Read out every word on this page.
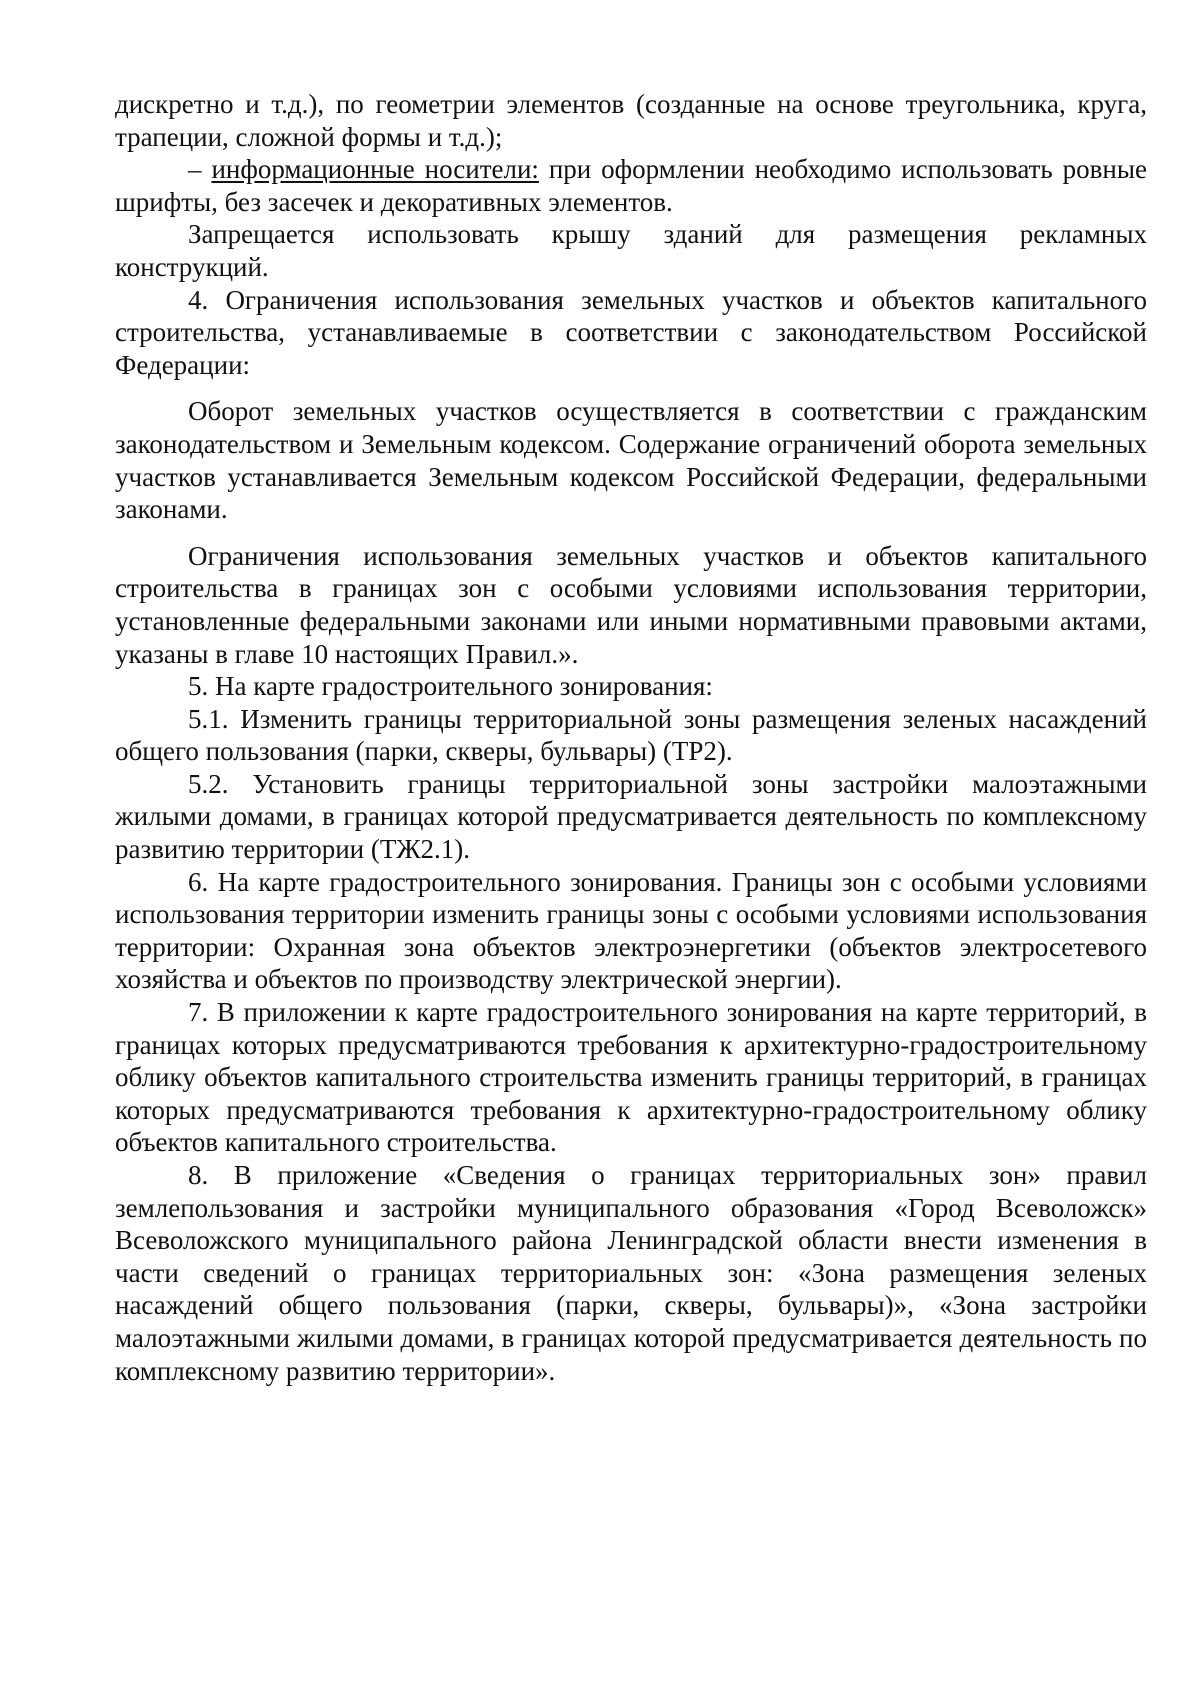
дискретно и т.д.), по геометрии элементов (созданные на основе треугольника, круга, трапеции, сложной формы и т.д.);

– информационные носители: при оформлении необходимо использовать ровные шрифты, без засечек и декоративных элементов.

Запрещается использовать крышу зданий для размещения рекламных конструкций.

4. Ограничения использования земельных участков и объектов капитального строительства, устанавливаемые в соответствии с законодательством Российской Федерации:

Оборот земельных участков осуществляется в соответствии с гражданским законодательством и Земельным кодексом. Содержание ограничений оборота земельных участков устанавливается Земельным кодексом Российской Федерации, федеральными законами.

Ограничения использования земельных участков и объектов капитального строительства в границах зон с особыми условиями использования территории, установленные федеральными законами или иными нормативными правовыми актами, указаны в главе 10 настоящих Правил.».

5. На карте градостроительного зонирования:

5.1. Изменить границы территориальной зоны размещения зеленых насаждений общего пользования (парки, скверы, бульвары) (ТР2).

5.2. Установить границы территориальной зоны застройки малоэтажными жилыми домами, в границах которой предусматривается деятельность по комплексному развитию территории (ТЖ2.1).

6. На карте градостроительного зонирования. Границы зон с особыми условиями использования территории изменить границы зоны с особыми условиями использования территории: Охранная зона объектов электроэнергетики (объектов электросетевого хозяйства и объектов по производству электрической энергии).

7. В приложении к карте градостроительного зонирования на карте территорий, в границах которых предусматриваются требования к архитектурно-градостроительному облику объектов капитального строительства изменить границы территорий, в границах которых предусматриваются требования к архитектурно-градостроительному облику объектов капитального строительства.

8. В приложение «Сведения о границах территориальных зон» правил землепользования и застройки муниципального образования «Город Всеволожск» Всеволожского муниципального района Ленинградской области внести изменения в части сведений о границах территориальных зон: «Зона размещения зеленых насаждений общего пользования (парки, скверы, бульвары)», «Зона застройки малоэтажными жилыми домами, в границах которой предусматривается деятельность по комплексному развитию территории».
